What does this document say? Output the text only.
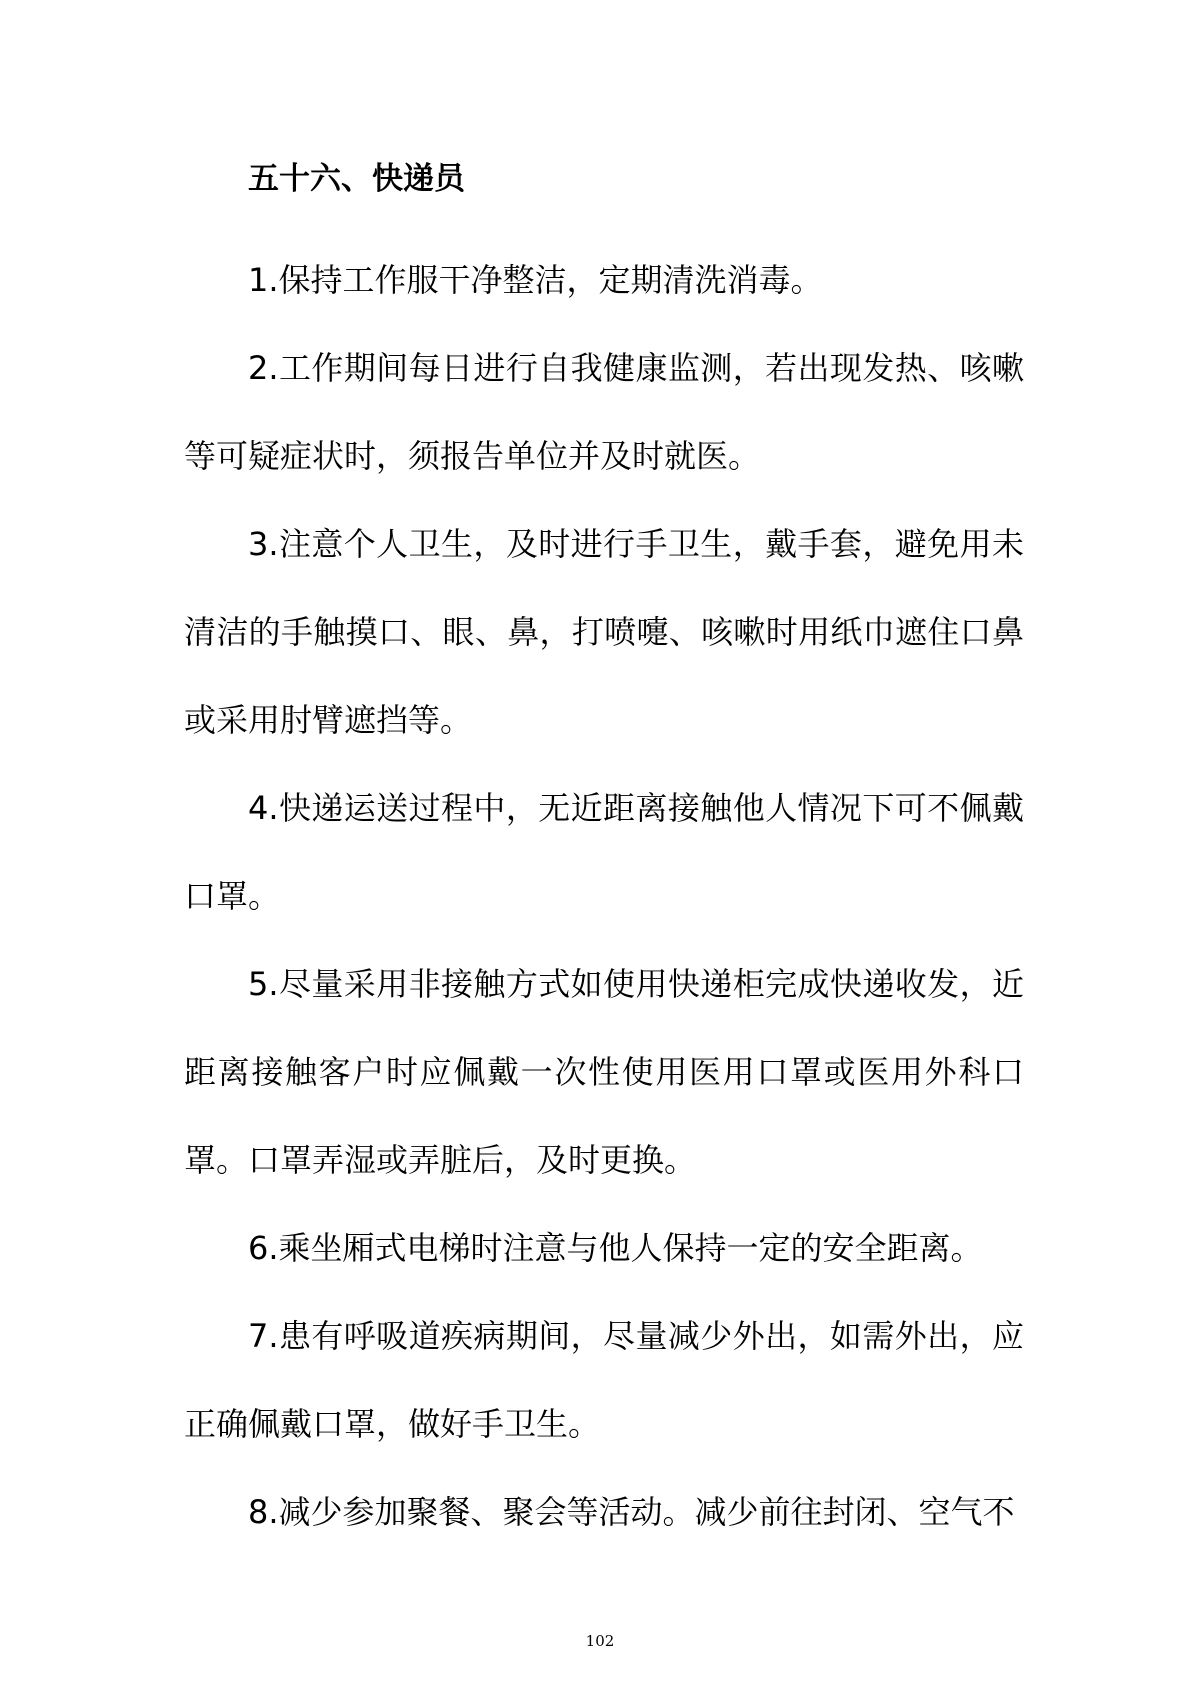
五十六、快递员

1.保持工作服干净整洁，定期清洗消毒。

2.工作期间每日进行自我健康监测，若出现发热、咳嗽等可疑症状时，须报告单位并及时就医。

3.注意个人卫生，及时进行手卫生，戴手套，避免用未清洁的手触摸口、眼、鼻，打喷嚏、咳嗽时用纸巾遮住口鼻或采用肘臂遮挡等。

4.快递运送过程中，无近距离接触他人情况下可不佩戴口罩。

5.尽量采用非接触方式如使用快递柜完成快递收发，近距离接触客户时应佩戴一次性使用医用口罩或医用外科口罩。口罩弄湿或弄脏后，及时更换。

6.乘坐厢式电梯时注意与他人保持一定的安全距离。

7.患有呼吸道疾病期间，尽量减少外出，如需外出，应正确佩戴口罩，做好手卫生。

8.减少参加聚餐、聚会等活动。减少前往封闭、空气不

102
